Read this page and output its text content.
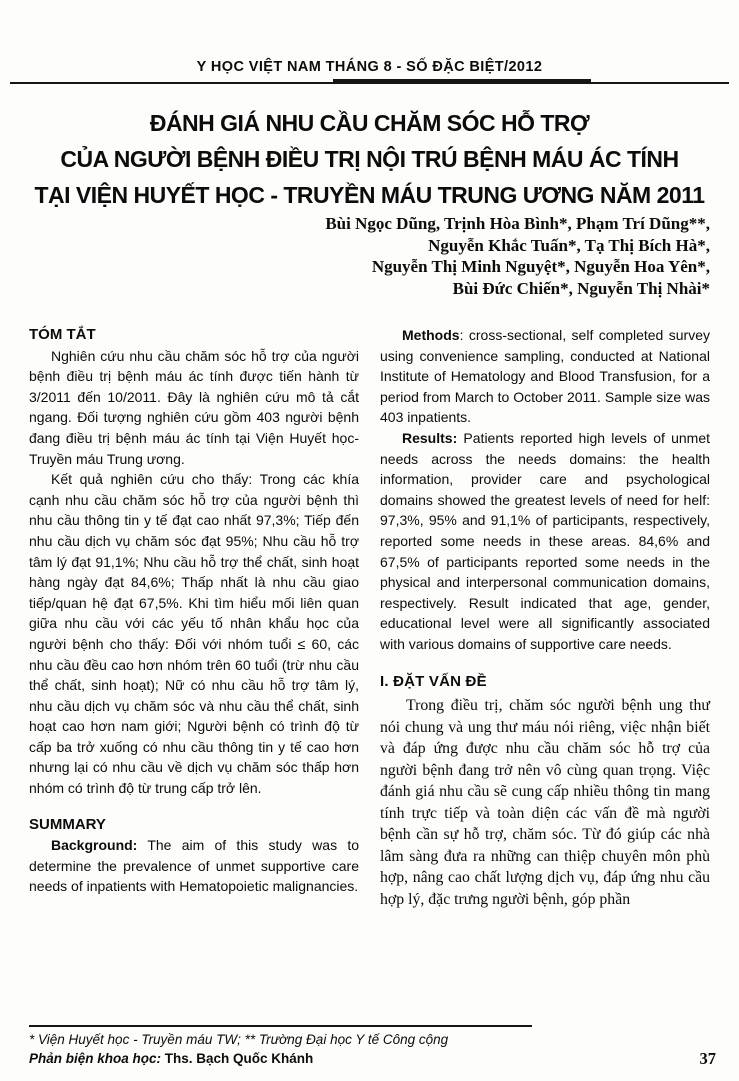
Y HỌC VIỆT NAM THÁNG 8 - SỐ ĐẶC BIỆT/2012
ĐÁNH GIÁ NHU CẦU CHĂM SÓC HỖ TRỢ
CỦA NGƯỜI BỆNH ĐIỀU TRỊ NỘI TRÚ BỆNH MÁU ÁC TÍNH
TẠI VIỆN HUYẾT HỌC - TRUYỀN MÁU TRUNG ƯƠNG NĂM 2011
Bùi Ngọc Dũng, Trịnh Hòa Bình*, Phạm Trí Dũng**,
Nguyễn Khắc Tuấn*, Tạ Thị Bích Hà*,
Nguyễn Thị Minh Nguyệt*, Nguyễn Hoa Yên*,
Bùi Đức Chiến*, Nguyễn Thị Nhài*
TÓM TẮT

Nghiên cứu nhu cầu chăm sóc hỗ trợ của người bệnh điều trị bệnh máu ác tính được tiến hành từ 3/2011 đến 10/2011. Đây là nghiên cứu mô tả cắt ngang. Đối tượng nghiên cứu gồm 403 người bệnh đang điều trị bệnh máu ác tính tại Viện Huyết học- Truyền máu Trung ương.

Kết quả nghiên cứu cho thấy: Trong các khía cạnh nhu cầu chăm sóc hỗ trợ của người bệnh thì nhu cầu thông tin y tế đạt cao nhất 97,3%; Tiếp đến nhu cầu dịch vụ chăm sóc đạt 95%; Nhu cầu hỗ trợ tâm lý đạt 91,1%; Nhu cầu hỗ trợ thể chất, sinh hoạt hàng ngày đạt 84,6%; Thấp nhất là nhu cầu giao tiếp/quan hệ đạt 67,5%. Khi tìm hiểu mối liên quan giữa nhu cầu với các yếu tố nhân khẩu học của người bệnh cho thấy: Đối với nhóm tuổi ≤ 60, các nhu cầu đều cao hơn nhóm trên 60 tuổi (trừ nhu cầu thể chất, sinh hoạt); Nữ có nhu cầu hỗ trợ tâm lý, nhu cầu dịch vụ chăm sóc và nhu cầu thể chất, sinh hoạt cao hơn nam giới; Người bệnh có trình độ từ cấp ba trở xuống có nhu cầu thông tin y tế cao hơn nhưng lại có nhu cầu về dịch vụ chăm sóc thấp hơn nhóm có trình độ từ trung cấp trở lên.

SUMMARY

Background: The aim of this study was to determine the prevalence of unmet supportive care needs of inpatients with Hematopoietic malignancies.

Methods: cross-sectional, self completed survey using convenience sampling, conducted at National Institute of Hematology and Blood Transfusion, for a period from March to October 2011. Sample size was 403 inpatients.

Results: Patients reported high levels of unmet needs across the needs domains: the health information, provider care and psychological domains showed the greatest levels of need for helf: 97,3%, 95% and 91,1% of participants, respectively, reported some needs in these areas. 84,6% and 67,5% of participants reported some needs in the physical and interpersonal communication domains, respectively. Result indicated that age, gender, educational level were all significantly associated with various domains of supportive care needs.

I. ĐẶT VẤN ĐỀ

Trong điều trị, chăm sóc người bệnh ung thư nói chung và ung thư máu nói riêng, việc nhận biết và đáp ứng được nhu cầu chăm sóc hỗ trợ của người bệnh đang trở nên vô cùng quan trọng. Việc đánh giá nhu cầu sẽ cung cấp nhiều thông tin mang tính trực tiếp và toàn diện các vấn đề mà người bệnh cần sự hỗ trợ, chăm sóc. Từ đó giúp các nhà lâm sàng đưa ra những can thiệp chuyên môn phù hợp, nâng cao chất lượng dịch vụ, đáp ứng nhu cầu hợp lý, đặc trưng người bệnh, góp phần

* Viện Huyết học - Truyền máu TW; ** Trường Đại học Y tế Công cộng
Phản biện khoa học: Ths. Bạch Quốc Khánh	37
